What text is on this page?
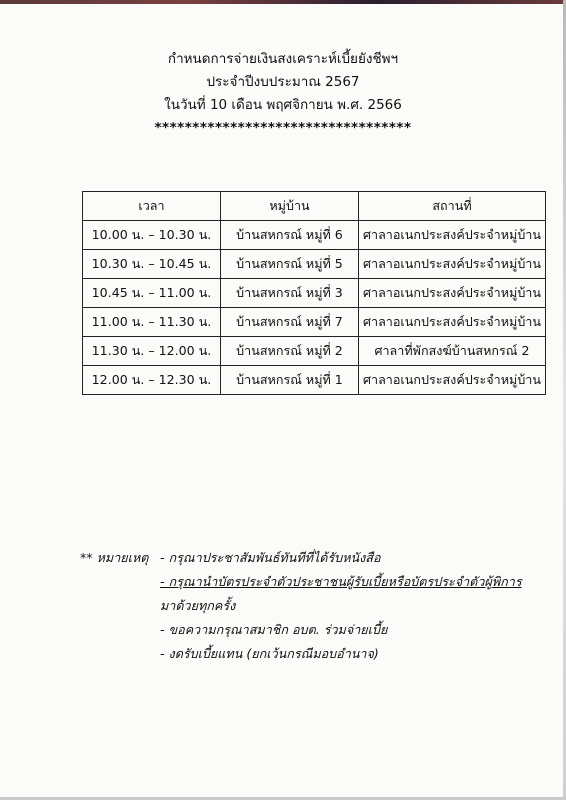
กำหนดการจ่ายเงินสงเคราะห์เบี้ยยังชีพฯ
ประจำปีงบประมาณ 2567
ในวันที่ 10 เดือน พฤศจิกายน พ.ศ. 2566
**********************************
เวลา	หมู่บ้าน	สถานที่
10.00 น. – 10.30 น.	บ้านสหกรณ์ หมู่ที่ 6	ศาลาอเนกประสงค์ประจำหมู่บ้าน
10.30 น. – 10.45 น.	บ้านสหกรณ์ หมู่ที่ 5	ศาลาอเนกประสงค์ประจำหมู่บ้าน
10.45 น. – 11.00 น.	บ้านสหกรณ์ หมู่ที่ 3	ศาลาอเนกประสงค์ประจำหมู่บ้าน
11.00 น. – 11.30 น.	บ้านสหกรณ์ หมู่ที่ 7	ศาลาอเนกประสงค์ประจำหมู่บ้าน
11.30 น. – 12.00 น.	บ้านสหกรณ์ หมู่ที่ 2	ศาลาที่พักสงฆ์บ้านสหกรณ์ 2
12.00 น. – 12.30 น.	บ้านสหกรณ์ หมู่ที่ 1	ศาลาอเนกประสงค์ประจำหมู่บ้าน
** หมายเหตุ - กรุณาประชาสัมพันธ์ทันทีที่ได้รับหนังสือ
- กรุณานำบัตรประจำตัวประชาชนผู้รับเบี้ยหรือบัตรประจำตัวผู้พิการ
มาด้วยทุกครั้ง
- ขอความกรุณาสมาชิก อบต. ร่วมจ่ายเบี้ย
- งดรับเบี้ยแทน (ยกเว้นกรณีมอบอำนาจ)
